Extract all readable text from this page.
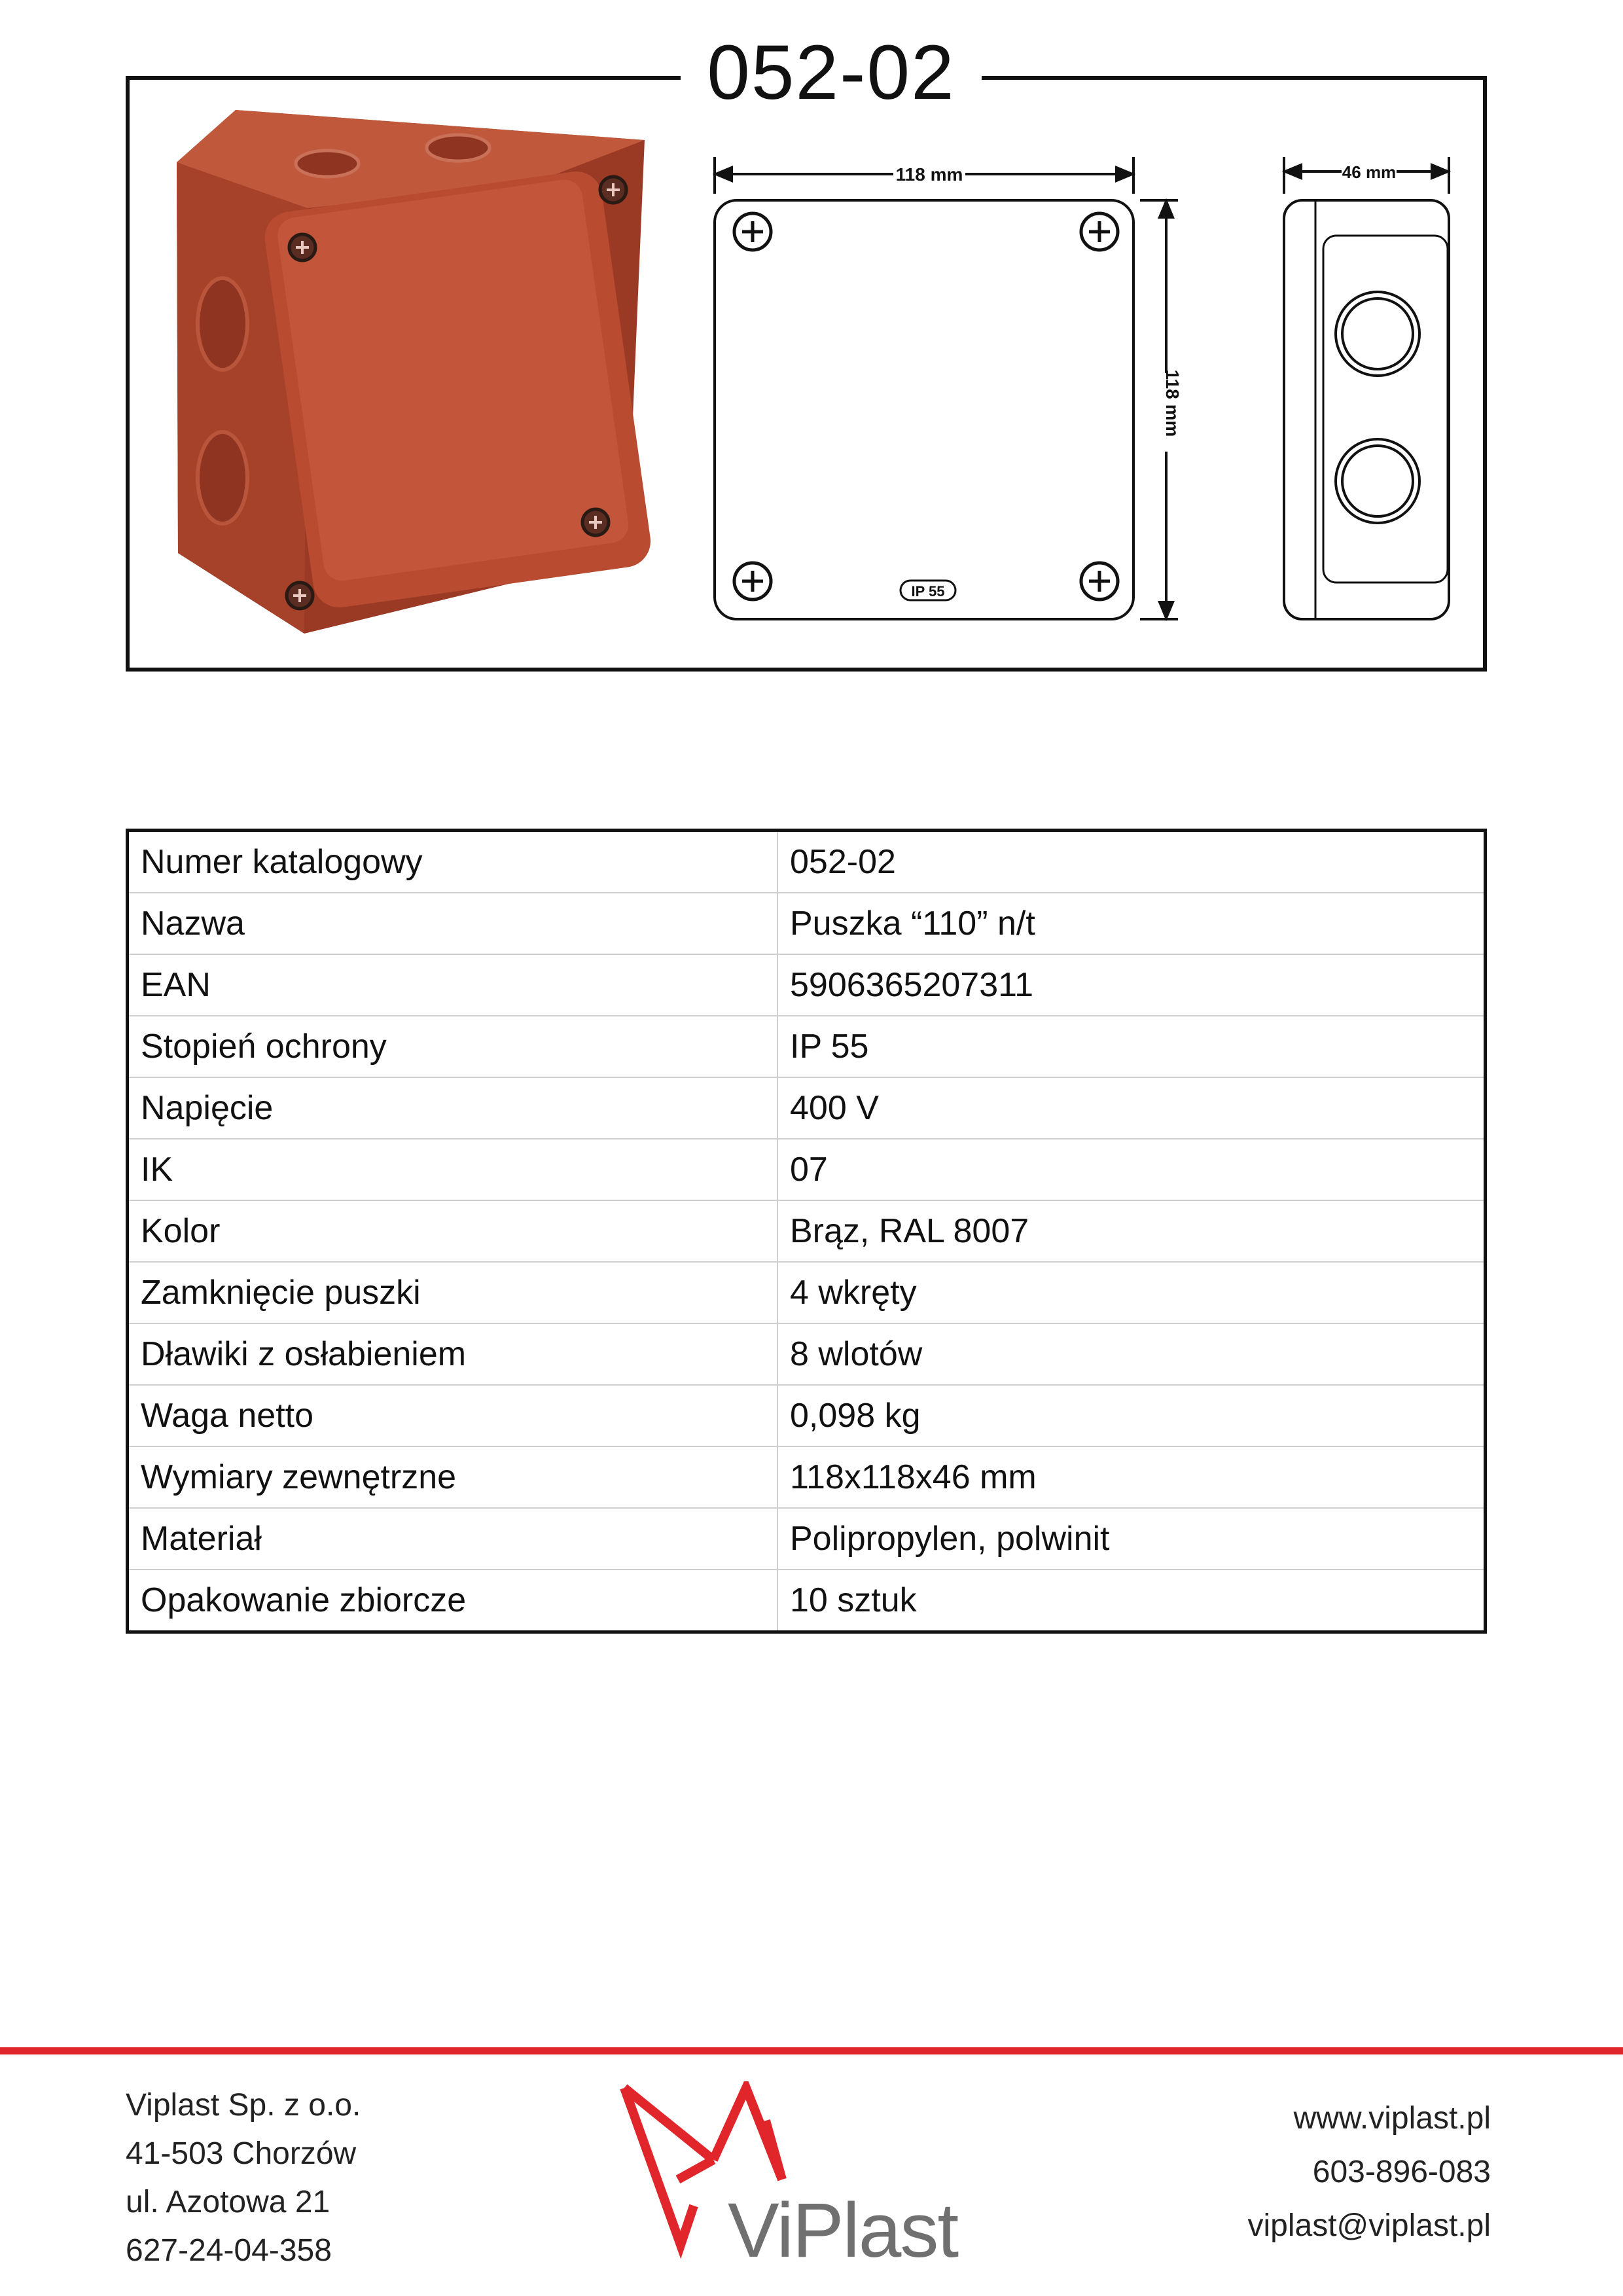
052-02
118 mm
118 mm
IP 55
46 mm
Numer katalogowy	052-02
Nazwa	Puszka “110” n/t
EAN	5906365207311
Stopień ochrony	IP 55
Napięcie	400 V
IK	07
Kolor	Brąz, RAL 8007
Zamknięcie puszki	4 wkręty
Dławiki z osłabieniem	8 wlotów
Waga netto	0,098 kg
Wymiary zewnętrzne	118x118x46 mm
Materiał	Polipropylen, polwinit
Opakowanie zbiorcze	10 sztuk
Viplast Sp. z o.o.
41-503 Chorzów
ul. Azotowa 21
627-24-04-358	ViPlast
www.viplast.pl
603-896-083
viplast@viplast.pl
